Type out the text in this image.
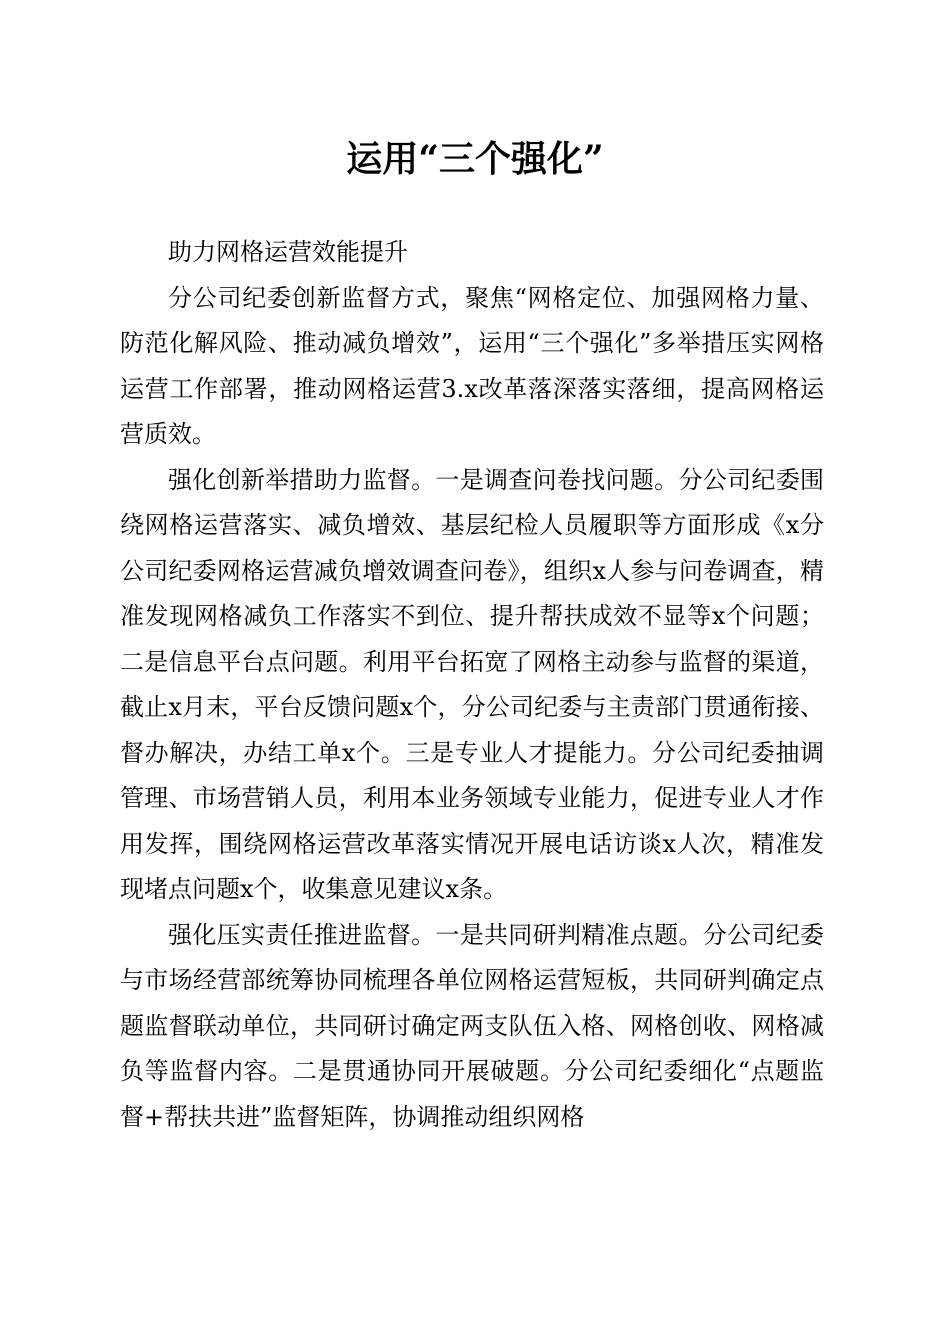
运用“三个强化”

助力网格运营效能提升

分公司纪委创新监督方式，聚焦“网格定位、加强网格力量、防范化解风险、推动减负增效”，运用“三个强化”多举措压实网格运营工作部署，推动网格运营3.x改革落深落实落细，提高网格运营质效。

强化创新举措助力监督。一是调查问卷找问题。分公司纪委围绕网格运营落实、减负增效、基层纪检人员履职等方面形成《x分公司纪委网格运营减负增效调查问卷》，组织x人参与问卷调查，精准发现网格减负工作落实不到位、提升帮扶成效不显等x个问题；二是信息平台点问题。利用平台拓宽了网格主动参与监督的渠道，截止x月末，平台反馈问题x个，分公司纪委与主责部门贯通衔接、督办解决，办结工单x个。三是专业人才提能力。分公司纪委抽调管理、市场营销人员，利用本业务领域专业能力，促进专业人才作用发挥，围绕网格运营改革落实情况开展电话访谈x人次，精准发现堵点问题x个，收集意见建议x条。

强化压实责任推进监督。一是共同研判精准点题。分公司纪委与市场经营部统筹协同梳理各单位网格运营短板，共同研判确定点题监督联动单位，共同研讨确定两支队伍入格、网格创收、网格减负等监督内容。二是贯通协同开展破题。分公司纪委细化“点题监督+帮扶共进”监督矩阵，协调推动组织网格
